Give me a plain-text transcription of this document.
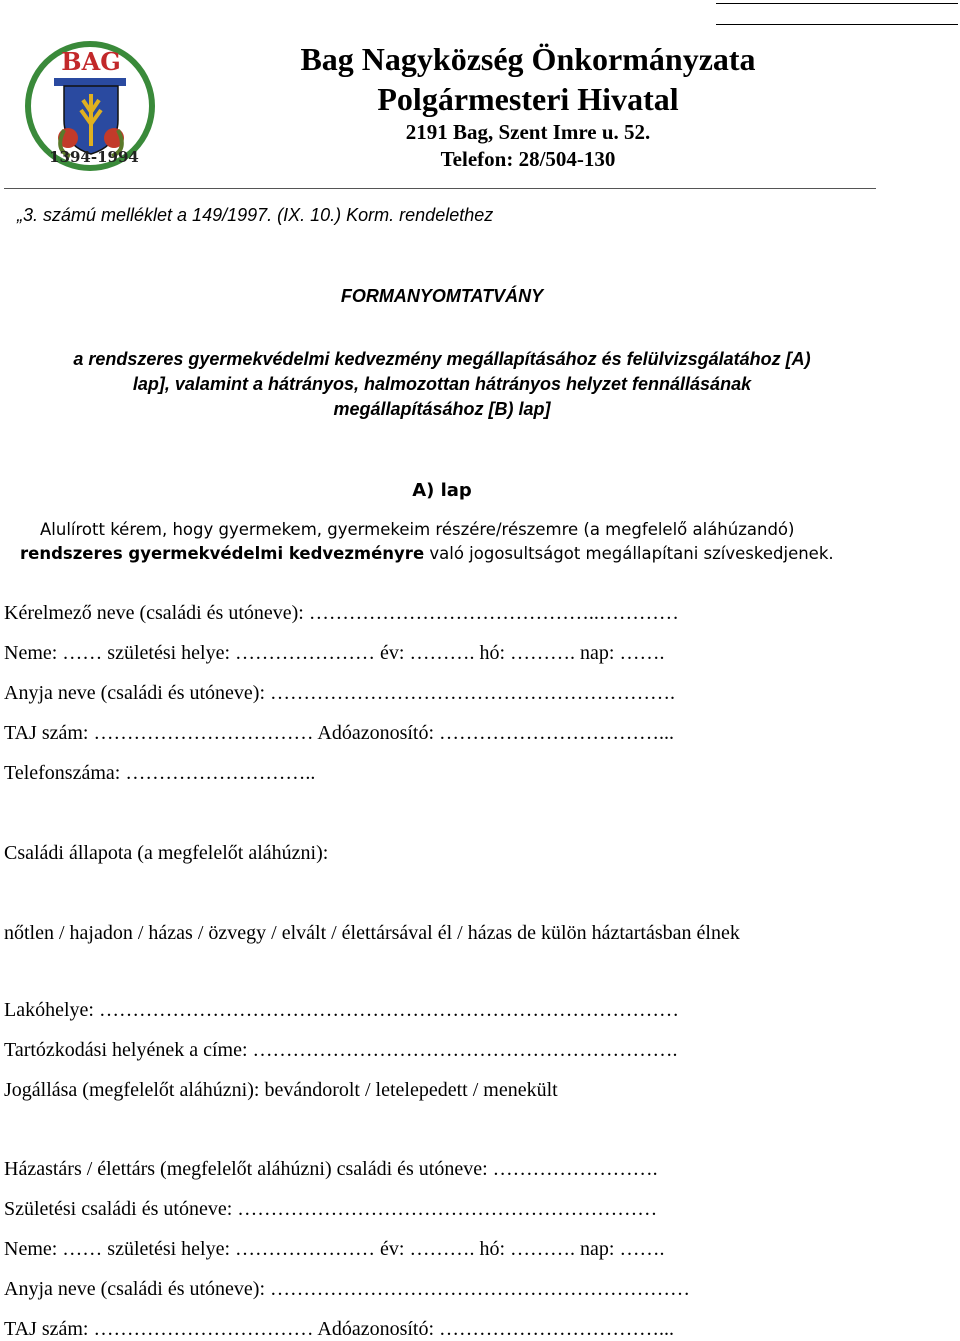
BAG
1394-1994
Bag Nagyközség Önkormányzata
Polgármesteri Hivatal
2191 Bag, Szent Imre u. 52.
Telefon: 28/504-130
„3. számú melléklet a 149/1997. (IX. 10.) Korm. rendelethez
FORMANYOMTATVÁNY
a rendszeres gyermekvédelmi kedvezmény megállapításához és felülvizsgálatához [A)
lap], valamint a hátrányos, halmozottan hátrányos helyzet fennállásának
megállapításához [B) lap]
A) lap
Alulírott kérem, hogy gyermekem, gyermekeim részére/részemre (a megfelelő aláhúzandó)
rendszeres gyermekvédelmi kedvezményre való jogosultságot megállapítani szíveskedjenek.
Kérelmező neve (családi és utóneve): ……………………………………..…………
Neme: …… születési helye: ………………… év: ………. hó: ………. nap: …….
Anyja neve (családi és utóneve): …………………………………………………….
TAJ szám: …………………………… Adóazonosító: ……………………………...
Telefonszáma: ………………………..
Családi állapota (a megfelelőt aláhúzni):
nőtlen / hajadon / házas / özvegy / elvált / élettársával él / házas de külön háztartásban élnek
Lakóhelye: ……………………………………………………………………………
Tartózkodási helyének a címe: ……………………………………………………….
Jogállása (megfelelőt aláhúzni): bevándorolt / letelepedett / menekült
Házastárs / élettárs (megfelelőt aláhúzni) családi és utóneve: …………………….
Születési családi és utóneve: ………………………………………………………
Neme: …… születési helye: ………………… év: ………. hó: ………. nap: …….
Anyja neve (családi és utóneve): ………………………………………………………
TAJ szám: …………………………… Adóazonosító: ……………………………...
